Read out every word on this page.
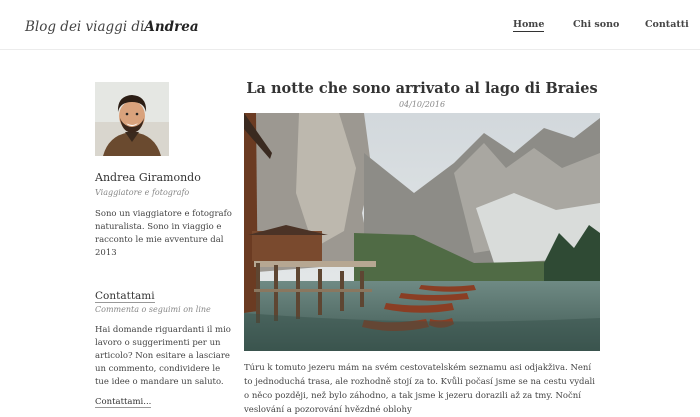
Blog dei viaggi diAndrea	Home	Chi sono	Contatti
Andrea Giramondo
Viaggiatore e fotografo

Sono un viaggiatore e fotografo naturalista. Sono in viaggio e racconto le mie avventure dal 2013

Contattami
Commenta o seguimi on line

Hai domande riguardanti il mio lavoro o suggerimenti per un articolo? Non esitare a lasciare un commento, condividere le tue idee o mandare un saluto.

Contattami...
La notte che sono arrivato al lago di Braies
04/10/2016

Túru k tomuto jezeru mám na svém cestovatelském seznamu asi odjakživa. Není to jednoduchá trasa, ale rozhodně stojí za to. Kvůli počasí jsme se na cestu vydali o něco později, než bylo záhodno, a tak jsme k jezeru dorazili až za tmy. Noční veslování a pozorování hvězdné oblohy
